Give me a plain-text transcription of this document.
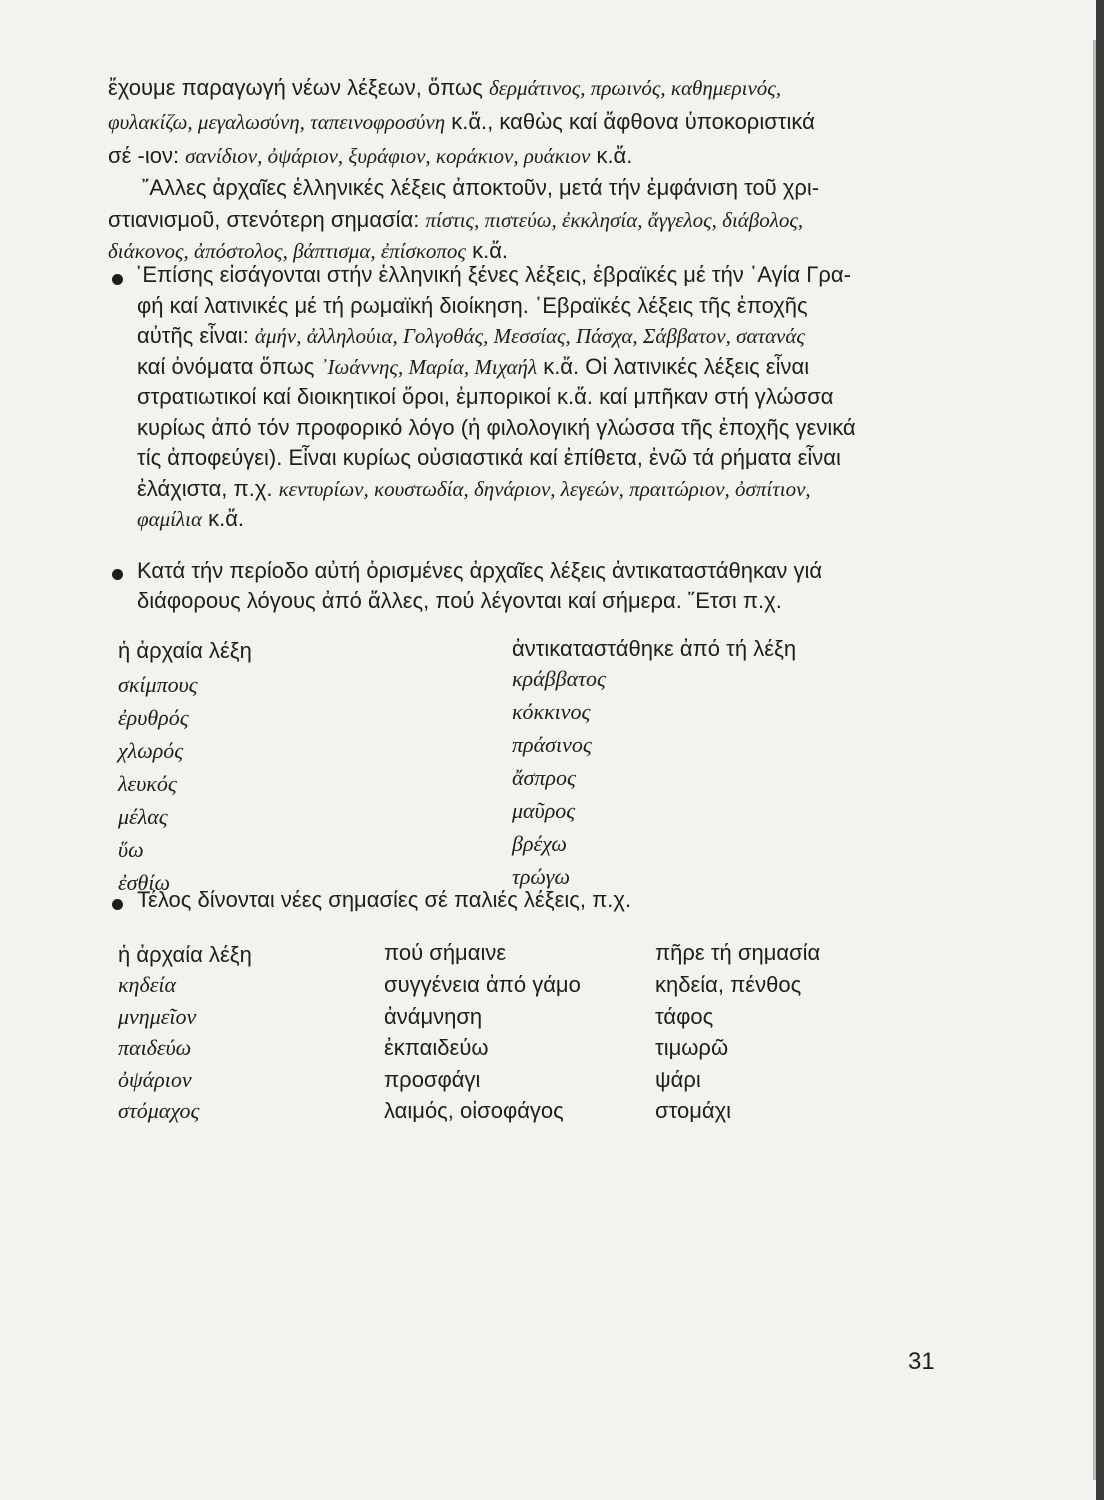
ἔχουμε παραγωγή νέων λέξεων, ὅπως δερμάτινος, πρωινός, καθημερινός,
φυλακίζω, μεγαλωσύνη, ταπεινοφροσύνη κ.ἄ., καθὼς καί ἄφθονα ὑποκοριστικά
σέ -ιον: σανίδιον, ὀψάριον, ξυράφιον, κοράκιον, ρυάκιον κ.ἄ.
῎Αλλες ἀρχαῖες ἑλληνικές λέξεις ἀποκτοῦν, μετά τήν ἐμφάνιση τοῦ χρι-
στιανισμοῦ, στενότερη σημασία: πίστις, πιστεύω, ἐκκλησία, ἄγγελος, διάβολος,
διάκονος, ἀπόστολος, βάπτισμα, ἐπίσκοπος κ.ἄ.
᾿Επίσης εἰσάγονται στήν ἑλληνική ξένες λέξεις, ἑβραϊκές μέ τήν ῾Αγία Γρα-
φή καί λατινικές μέ τή ρωμαϊκή διοίκηση. ῾Εβραϊκές λέξεις τῆς ἐποχῆς
αὐτῆς εἶναι: ἀμήν, ἀλληλούια, Γολγοθάς, Μεσσίας, Πάσχα, Σάββατον, σατανάς
καί ὀνόματα ὅπως ᾿Ιωάννης, Μαρία, Μιχαήλ κ.ἄ. Οἱ λατινικές λέξεις εἶναι
στρατιωτικοί καί διοικητικοί ὅροι, ἐμπορικοί κ.ἄ. καί μπῆκαν στή γλώσσα
κυρίως ἀπό τόν προφορικό λόγο (ἡ φιλολογική γλώσσα τῆς ἐποχῆς γενικά
τίς ἀποφεύγει). Εἶναι κυρίως οὐσιαστικά καί ἐπίθετα, ἐνῶ τά ρήματα εἶναι
ἐλάχιστα, π.χ. κεντυρίων, κουστωδία, δηνάριον, λεγεών, πραιτώριον, ὀσπίτιον,
φαμίλια κ.ἄ.
Κατά τήν περίοδο αὐτή ὁρισμένες ἀρχαῖες λέξεις ἀντικαταστάθηκαν γιά
διάφορους λόγους ἀπό ἄλλες, πού λέγονται καί σήμερα. ῞Ετσι π.χ.
Τέλος δίνονται νέες σημασίες σέ παλιές λέξεις, π.χ.
ἡ ἀρχαία λέξη	ἀντικαταστάθηκε ἀπό τή λέξη
σκίμπους	κράββατος
ἐρυθρός	κόκκινος
χλωρός	πράσινος
λευκός	ἄσπρος
μέλας	μαῦρος
ὕω	βρέχω
ἐσθίω	τρώγω
ἡ ἀρχαία λέξη	πού σήμαινε	πῆρε τή σημασία
κηδεία	συγγένεια ἀπό γάμο	κηδεία, πένθος
μνημεῖον	ἀνάμνηση	τάφος
παιδεύω	ἐκπαιδεύω	τιμωρῶ
ὀψάριον	προσφάγι	ψάρι
στόμαχος	λαιμός, οἰσοφάγος	στομάχι
31
